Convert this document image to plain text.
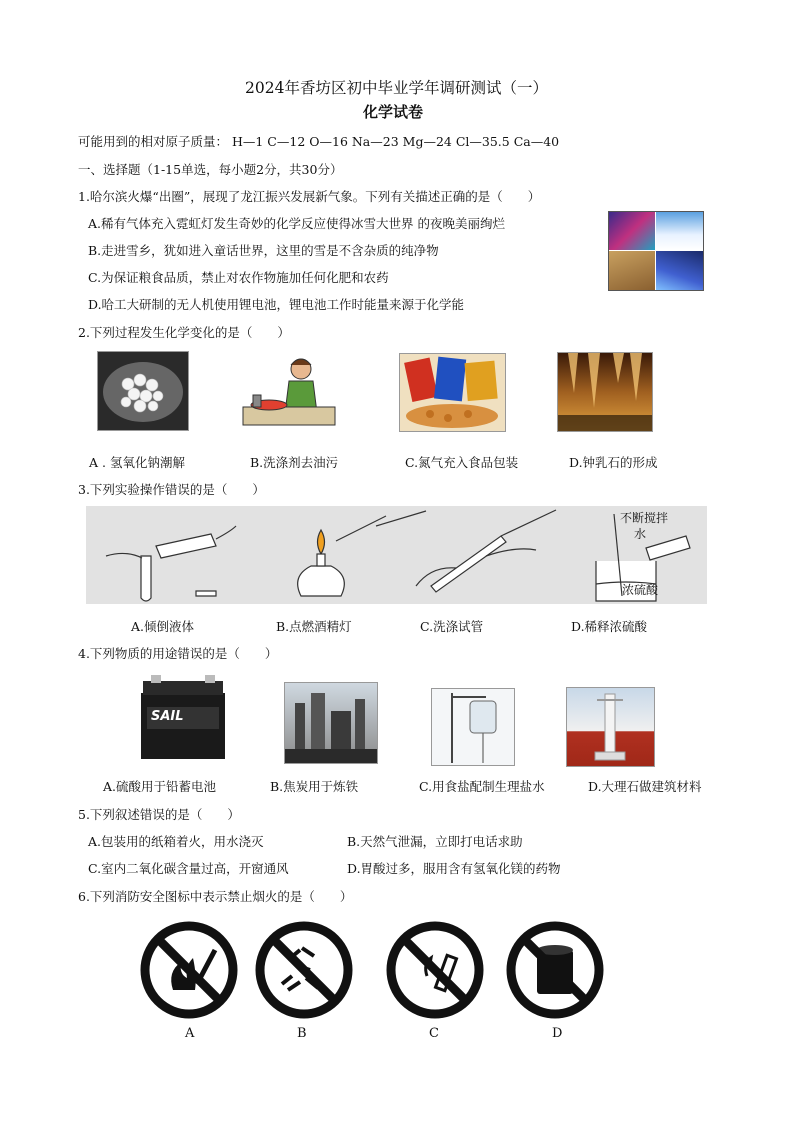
2024年香坊区初中毕业学年调研测试（一）
化学试卷
可能用到的相对原子质量： H—1 C—12 O—16 Na—23 Mg—24 Cl—35.5 Ca—40
一、选择题（1-15单选，每小题2分，共30分）
1.哈尔滨火爆“出圈”，展现了龙江振兴发展新气象。下列有关描述正确的是（　　）
A.稀有气体充入霓虹灯发生奇妙的化学反应使得冰雪大世界 的夜晚美丽绚烂
B.走进雪乡，犹如进入童话世界，这里的雪是不含杂质的纯净物
C.为保证粮食品质，禁止对农作物施加任何化肥和农药
D.哈工大研制的无人机使用锂电池，锂电池工作时能量来源于化学能
2.下列过程发生化学变化的是（　　）
A . 氢氧化钠潮解	B.洗涤剂去油污	C.氮气充入食品包装	D.钟乳石的形成
3.下列实验操作错误的是（　　）
不断搅拌
水
浓硫酸
A.倾倒液体	B.点燃酒精灯	C.洗涤试管	D.稀释浓硫酸
4.下列物质的用途错误的是（　　）
SAIL
A.硫酸用于铅蓄电池	B.焦炭用于炼铁	C.用食盐配制生理盐水	D.大理石做建筑材料
5.下列叙述错误的是（　　）
A.包装用的纸箱着火，用水浇灭	B.天然气泄漏，立即打电话求助
C.室内二氧化碳含量过高，开窗通风	D.胃酸过多，服用含有氢氧化镁的药物
6.下列消防安全图标中表示禁止烟火的是（　　）
A	B	C	D
